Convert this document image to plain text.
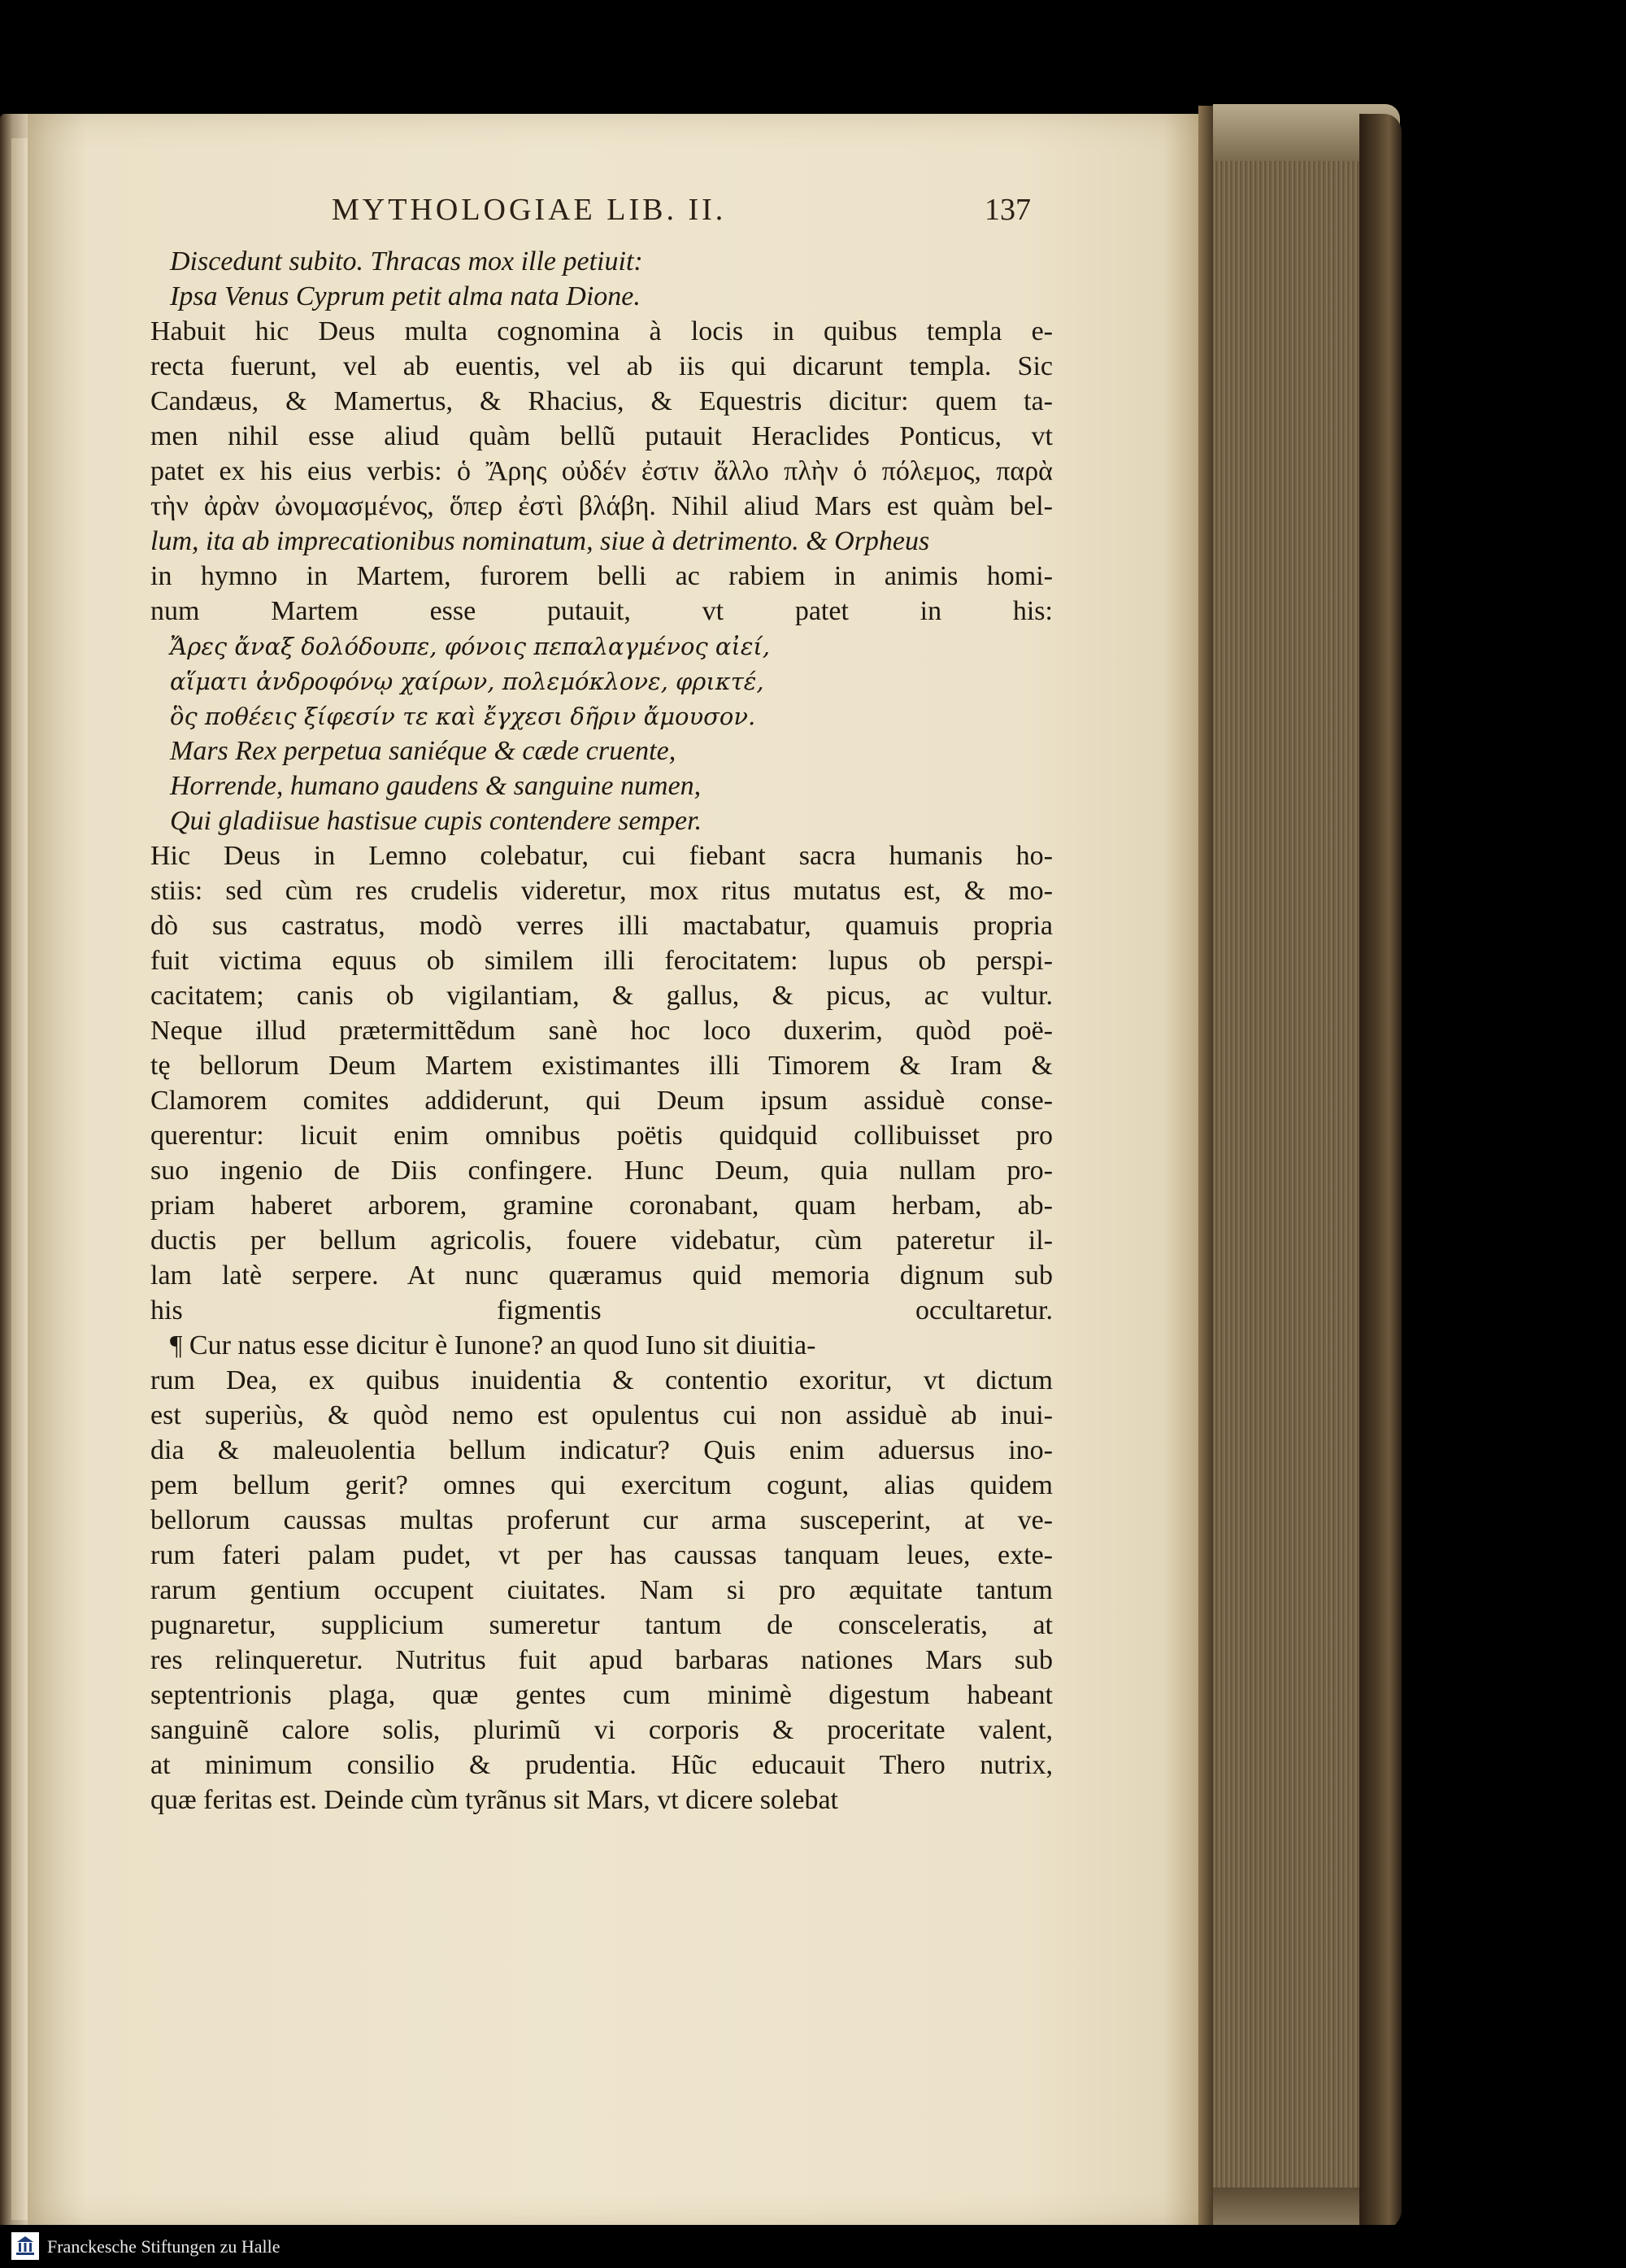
MYTHOLOGIAE LIB. II.	137
Discedunt subito. Thracas mox ille petiuit:
Ipsa Venus Cyprum petit alma nata Dione.
Habuit hic Deus multa cognomina à locis in quibus templa e-
recta fuerunt, vel ab euentis, vel ab iis qui dicarunt templa. Sic
Candæus, & Mamertus, & Rhacius, & Equestris dicitur: quem ta-
men nihil esse aliud quàm bellũ putauit Heraclides Ponticus, vt
patet ex his eius verbis: ὁ Ἄρης οὐδέν ἐστιν ἄλλο πλὴν ὁ πόλεμος, παρὰ
τὴν ἀρὰν ὠνομασμένος, ὅπερ ἐστὶ βλάβη. Nihil aliud Mars est quàm bel-
lum, ita ab imprecationibus nominatum, siue à detrimento. & Orpheus
in hymno in Martem, furorem belli ac rabiem in animis homi-
num Martem esse putauit, vt patet in his:
Ἄρες ἄναξ δολόδουπε, φόνοις πεπαλαγμένος αἰεί,
αἵματι ἀνδροφόνῳ χαίρων, πολεμόκλονε, φρικτέ,
ὃς ποθέεις ξίφεσίν τε καὶ ἔγχεσι δῆριν ἄμουσον.
Mars Rex perpetua saniéque & cæde cruente,
Horrende, humano gaudens & sanguine numen,
Qui gladiisue hastisue cupis contendere semper.
Hic Deus in Lemno colebatur, cui fiebant sacra humanis ho-
stiis: sed cùm res crudelis videretur, mox ritus mutatus est, & mo-
dò sus castratus, modò verres illi mactabatur, quamuis propria
fuit victima equus ob similem illi ferocitatem: lupus ob perspi-
cacitatem; canis ob vigilantiam, & gallus, & picus, ac vultur.
Neque illud prætermittẽdum sanè hoc loco duxerim, quòd poë-
tę bellorum Deum Martem existimantes illi Timorem & Iram &
Clamorem comites addiderunt, qui Deum ipsum assiduè conse-
querentur: licuit enim omnibus poëtis quidquid collibuisset pro
suo ingenio de Diis confingere. Hunc Deum, quia nullam pro-
priam haberet arborem, gramine coronabant, quam herbam, ab-
ductis per bellum agricolis, fouere videbatur, cùm pateretur il-
lam latè serpere. At nunc quæramus quid memoria dignum sub
his figmentis occultaretur.
¶ Cur natus esse dicitur è Iunone? an quod Iuno sit diuitia-
rum Dea, ex quibus inuidentia & contentio exoritur, vt dictum
est superiùs, & quòd nemo est opulentus cui non assiduè ab inui-
dia & maleuolentia bellum indicatur? Quis enim aduersus ino-
pem bellum gerit? omnes qui exercitum cogunt, alias quidem
bellorum caussas multas proferunt cur arma susceperint, at ve-
rum fateri palam pudet, vt per has caussas tanquam leues, exte-
rarum gentium occupent ciuitates. Nam si pro æquitate tantum
pugnaretur, supplicium sumeretur tantum de consceleratis, at
res relinqueretur. Nutritus fuit apud barbaras nationes Mars sub
septentrionis plaga, quæ gentes cum minimè digestum habeant
sanguinẽ calore solis, plurimũ vi corporis & proceritate valent,
at minimum consilio & prudentia. Hũc educauit Thero nutrix,
quæ feritas est. Deinde cùm tyrãnus sit Mars, vt dicere solebat
Franckesche Stiftungen zu Halle
